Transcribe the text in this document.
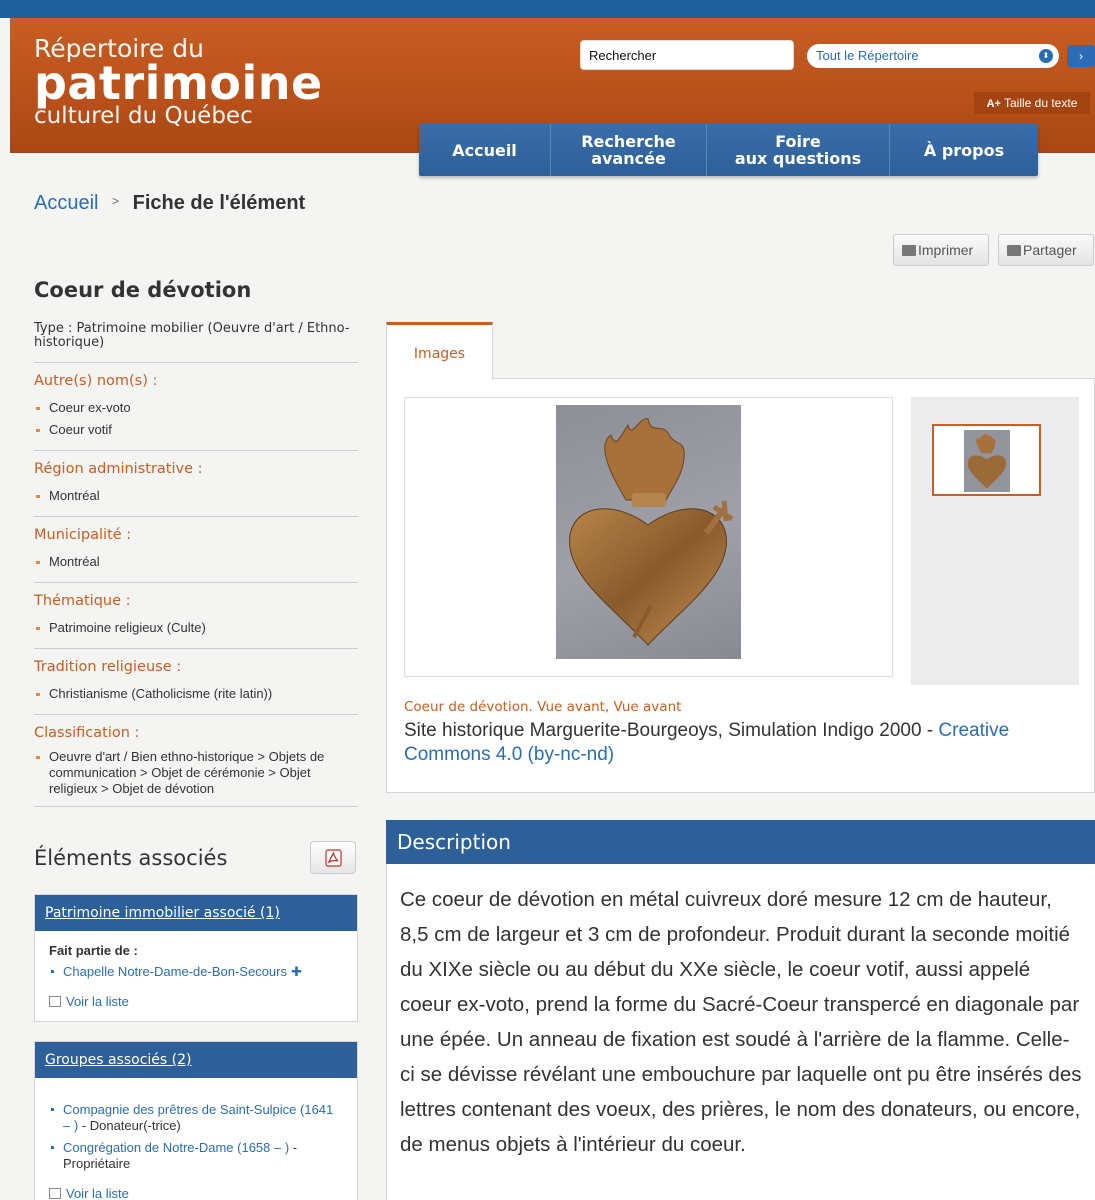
Répertoire du
patrimoine
culturel du Québec
Rechercher
Tout le Répertoire	⬍	›
A+ Taille du texte
Accueil	Recherche
avancée
Foire
aux questions	À propos
Accueil > Fiche de l'élément
Imprimer	Partager
Coeur de dévotion
Type : Patrimoine mobilier (Oeuvre d'art / Ethno-historique)
Autre(s) nom(s) :
Coeur ex-voto
Coeur votif
Région administrative :
Montréal
Municipalité :
Montréal
Thématique :
Patrimoine religieux (Culte)
Tradition religieuse :
Christianisme (Catholicisme (rite latin))
Classification :
Oeuvre d'art / Bien ethno-historique > Objets de communication > Objet de cérémonie > Objet religieux > Objet de dévotion
Éléments associés
Patrimoine immobilier associé (1)
Fait partie de :
Chapelle Notre-Dame-de-Bon-Secours ✚
Voir la liste
Groupes associés (2)
Compagnie des prêtres de Saint-Sulpice (1641 – ) - Donateur(-trice)
Congrégation de Notre-Dame (1658 – ) - Propriétaire
Voir la liste
Images
Coeur de dévotion. Vue avant, Vue avant
Site historique Marguerite-Bourgeoys, Simulation Indigo 2000 - Creative Commons 4.0 (by-nc-nd)
Description

Ce coeur de dévotion en métal cuivreux doré mesure 12 cm de hauteur, 8,5 cm de largeur et 3 cm de profondeur. Produit durant la seconde moitié du XIXe siècle ou au début du XXe siècle, le coeur votif, aussi appelé coeur ex-voto, prend la forme du Sacré-Coeur transpercé en diagonale par une épée. Un anneau de fixation est soudé à l'arrière de la flamme. Celle-ci se dévisse révélant une embouchure par laquelle ont pu être insérés des lettres contenant des voeux, des prières, le nom des donateurs, ou encore, de menus objets à l'intérieur du coeur.
